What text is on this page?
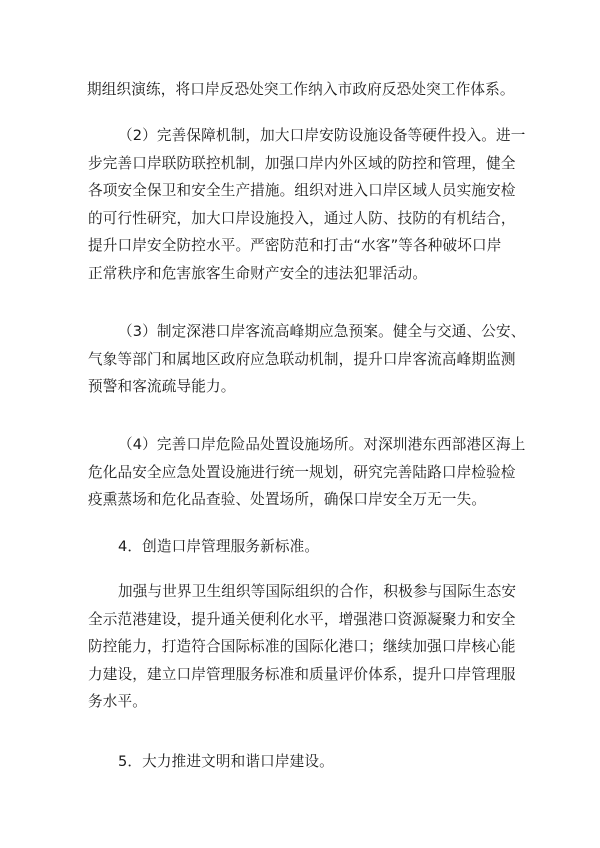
期组织演练，将口岸反恐处突工作纳入市政府反恐处突工作体系。

（2）完善保障机制，加大口岸安防设施设备等硬件投入。进一
步完善口岸联防联控机制，加强口岸内外区域的防控和管理，健全
各项安全保卫和安全生产措施。组织对进入口岸区域人员实施安检
的可行性研究，加大口岸设施投入，通过人防、技防的有机结合，
提升口岸安全防控水平。严密防范和打击“水客”等各种破坏口岸
正常秩序和危害旅客生命财产安全的违法犯罪活动。

（3）制定深港口岸客流高峰期应急预案。健全与交通、公安、
气象等部门和属地区政府应急联动机制，提升口岸客流高峰期监测
预警和客流疏导能力。

（4）完善口岸危险品处置设施场所。对深圳港东西部港区海上
危化品安全应急处置设施进行统一规划，研究完善陆路口岸检验检
疫熏蒸场和危化品查验、处置场所，确保口岸安全万无一失。

4．创造口岸管理服务新标准。

加强与世界卫生组织等国际组织的合作，积极参与国际生态安
全示范港建设，提升通关便利化水平，增强港口资源凝聚力和安全
防控能力，打造符合国际标准的国际化港口；继续加强口岸核心能
力建设，建立口岸管理服务标准和质量评价体系，提升口岸管理服
务水平。

5．大力推进文明和谐口岸建设。
